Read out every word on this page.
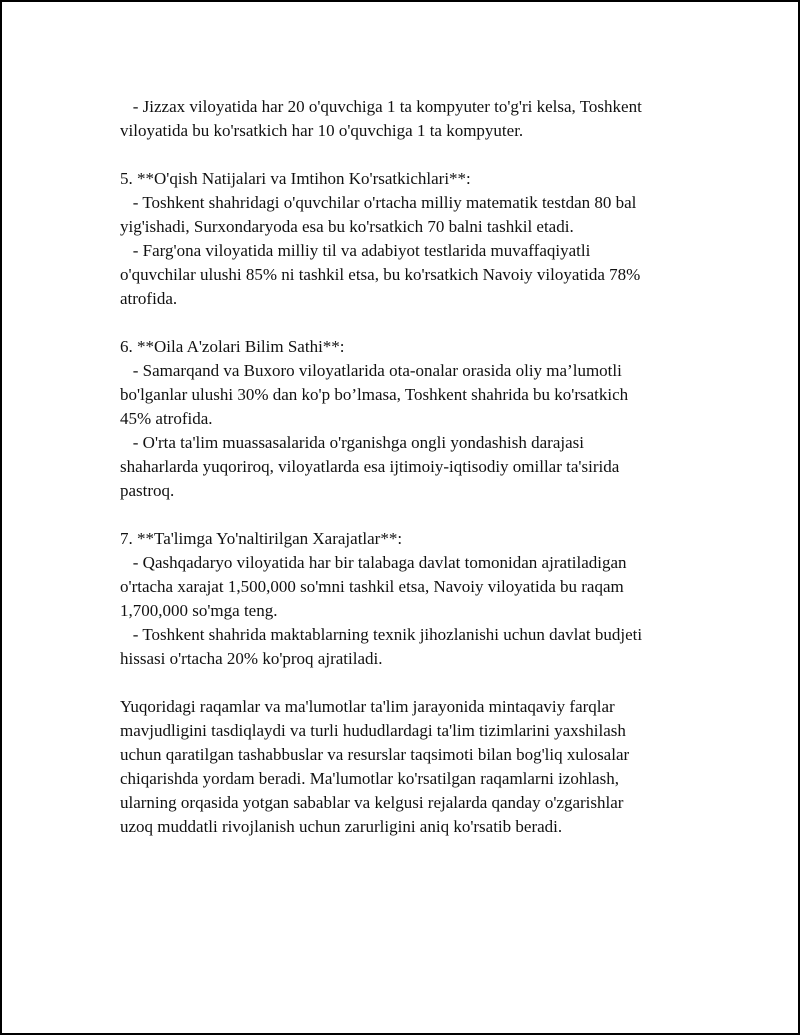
- Jizzax viloyatida har 20 o'quvchiga 1 ta kompyuter to'g'ri kelsa, Toshkent
viloyatida bu ko'rsatkich har 10 o'quvchiga 1 ta kompyuter.
5. **O'qish Natijalari va Imtihon Ko'rsatkichlari**:
- Toshkent shahridagi o'quvchilar o'rtacha milliy matematik testdan 80 bal
yig'ishadi, Surxondaryoda esa bu ko'rsatkich 70 balni tashkil etadi.
- Farg'ona viloyatida milliy til va adabiyot testlarida muvaffaqiyatli
o'quvchilar ulushi 85% ni tashkil etsa, bu ko'rsatkich Navoiy viloyatida 78%
atrofida.
6. **Oila A'zolari Bilim Sathi**:
- Samarqand va Buxoro viloyatlarida ota-onalar orasida oliy ma’lumotli
bo'lganlar ulushi 30% dan ko'p bo’lmasa, Toshkent shahrida bu ko'rsatkich
45% atrofida.
- O'rta ta'lim muassasalarida o'rganishga ongli yondashish darajasi
shaharlarda yuqoriroq, viloyatlarda esa ijtimoiy-iqtisodiy omillar ta'sirida
pastroq.
7. **Ta'limga Yo'naltirilgan Xarajatlar**:
- Qashqadaryo viloyatida har bir talabaga davlat tomonidan ajratiladigan
o'rtacha xarajat 1,500,000 so'mni tashkil etsa, Navoiy viloyatida bu raqam
1,700,000 so'mga teng.
- Toshkent shahrida maktablarning texnik jihozlanishi uchun davlat budjeti
hissasi o'rtacha 20% ko'proq ajratiladi.
Yuqoridagi raqamlar va ma'lumotlar ta'lim jarayonida mintaqaviy farqlar
mavjudligini tasdiqlaydi va turli hududlardagi ta'lim tizimlarini yaxshilash
uchun qaratilgan tashabbuslar va resurslar taqsimoti bilan bog'liq xulosalar
chiqarishda yordam beradi. Ma'lumotlar ko'rsatilgan raqamlarni izohlash,
ularning orqasida yotgan sabablar va kelgusi rejalarda qanday o'zgarishlar
uzoq muddatli rivojlanish uchun zarurligini aniq ko'rsatib beradi.
